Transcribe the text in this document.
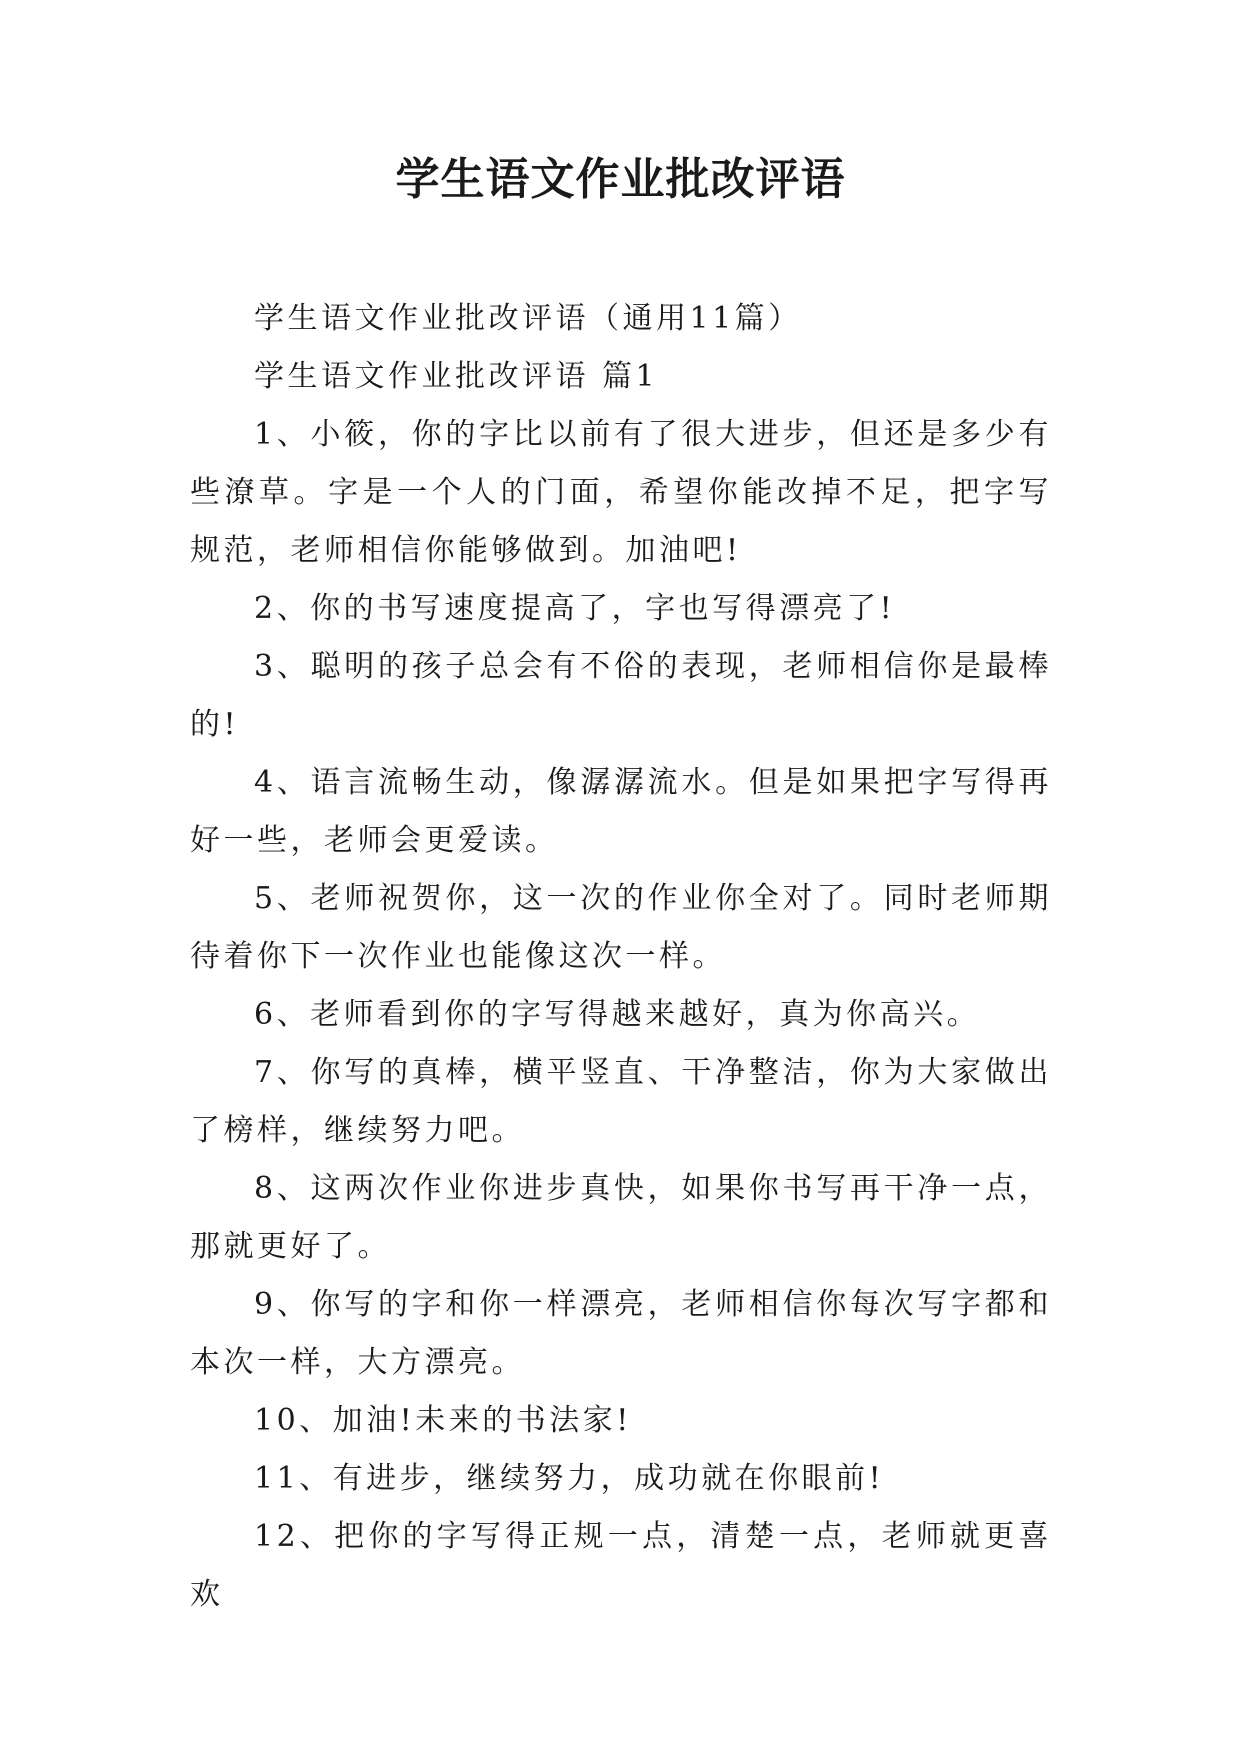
学生语文作业批改评语

学生语文作业批改评语（通用11篇）

学生语文作业批改评语 篇1

1、小筱，你的字比以前有了很大进步，但还是多少有些潦草。字是一个人的门面，希望你能改掉不足，把字写规范，老师相信你能够做到。加油吧!

2、你的书写速度提高了，字也写得漂亮了!

3、聪明的孩子总会有不俗的表现，老师相信你是最棒的!

4、语言流畅生动，像潺潺流水。但是如果把字写得再好一些，老师会更爱读。

5、老师祝贺你，这一次的作业你全对了。同时老师期待着你下一次作业也能像这次一样。

6、老师看到你的字写得越来越好，真为你高兴。

7、你写的真棒，横平竖直、干净整洁，你为大家做出了榜样，继续努力吧。

8、这两次作业你进步真快，如果你书写再干净一点，那就更好了。

9、你写的字和你一样漂亮，老师相信你每次写字都和本次一样，大方漂亮。

10、加油!未来的书法家!

11、有进步，继续努力，成功就在你眼前!

12、把你的字写得正规一点，清楚一点，老师就更喜欢
